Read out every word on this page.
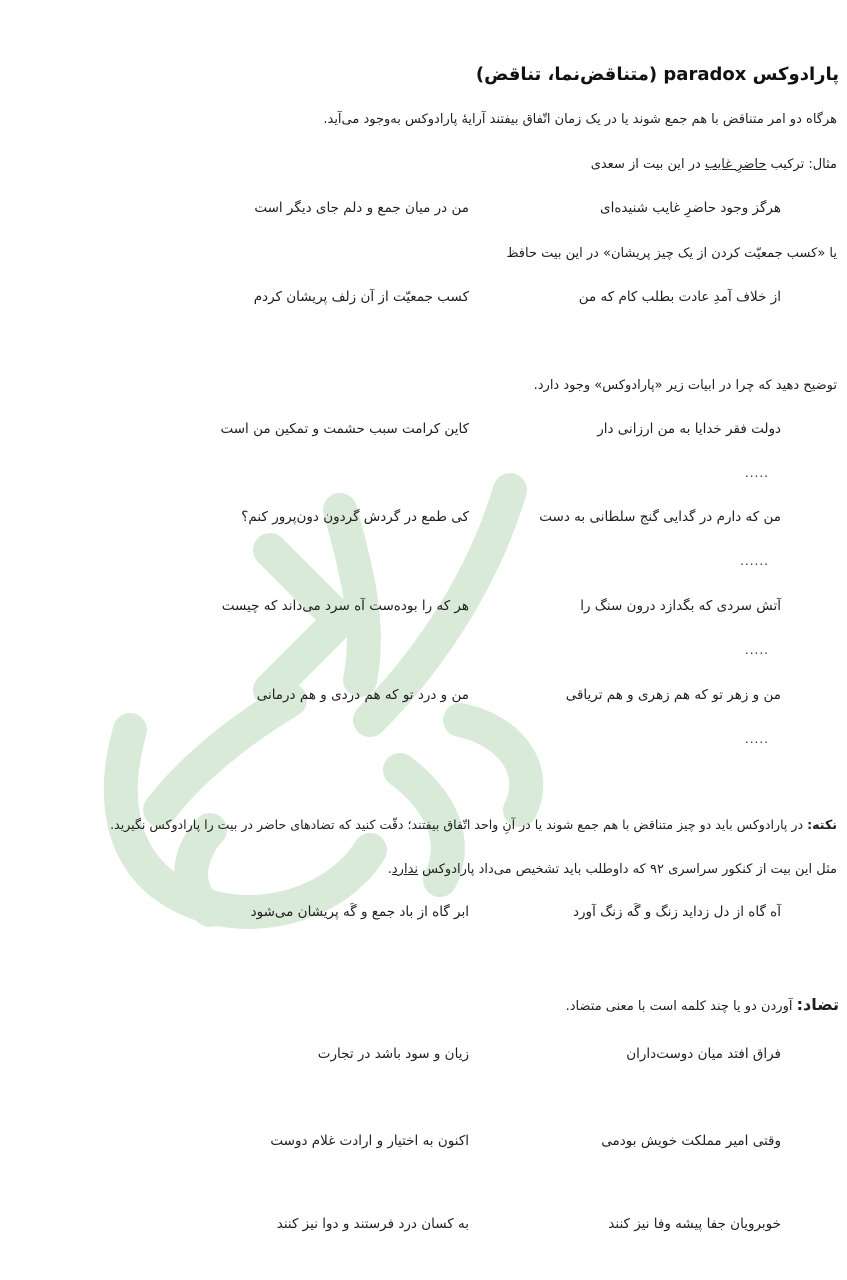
پارادوکس paradox (متناقض‌نما، تناقض)
هرگاه دو امر متناقض با هم جمع شوند یا در یک زمان اتّفاق بیفتند آرایۀ پارادوکس به‌وجود می‌آید.
مثال: ترکیب حاضرِ غایب در این بیت از سعدی
هرگز وجود حاضرِ غایب شنیده‌ای
من در میان جمع و دلم جای دیگر است
یا «کسب جمعیّت کردن از یک چیز پریشان» در این بیت حافظ
از خلاف آمدِ عادت بطلب کام که من
کسب جمعیّت از آن زلف پریشان کردم
توضیح دهید که چرا در ابیات زیر «پارادوکس» وجود دارد.
دولت فقر خدایا به من ارزانی دار
کاین کرامت سبب حشمت و تمکین من است
.....
من که دارم در گدایی گنج سلطانی به دست
کی طمع در گردش گردون دون‌پرور کنم؟
......
آتش سردی که بگدازد درون سنگ را
هر که را بوده‌ست آه سرد می‌داند که چیست
.....
من و زهر تو که هم زهری و هم تریاقی
من و درد تو که هم دردی و هم درمانی
.....
نکته: در پارادوکس باید دو چیز متناقض با هم جمع شوند یا در آنِ واحد اتّفاق بیفتند؛ دقّت کنید که تضادهای حاضر در بیت را پارادوکس نگیرید.
مثل این بیت از کنکور سراسری ۹۲ که داوطلب باید تشخیص می‌داد پارادوکس ندارد.
آه گاه از دل زداید زنگ و گَه زنگ آورد
ابر گاه از باد جمع و گَه پریشان می‌شود
تضاد: آوردن دو یا چند کلمه است با معنی متضاد.
فراق افتد میان دوست‌داران
زیان و سود باشد در تجارت
وقتی امیر مملکت خویش بودمی
اکنون به اختیار و ارادت غلام دوست
خوبرویان جفا پیشه وفا نیز کنند
به کسان درد فرستند و دوا نیز کنند
